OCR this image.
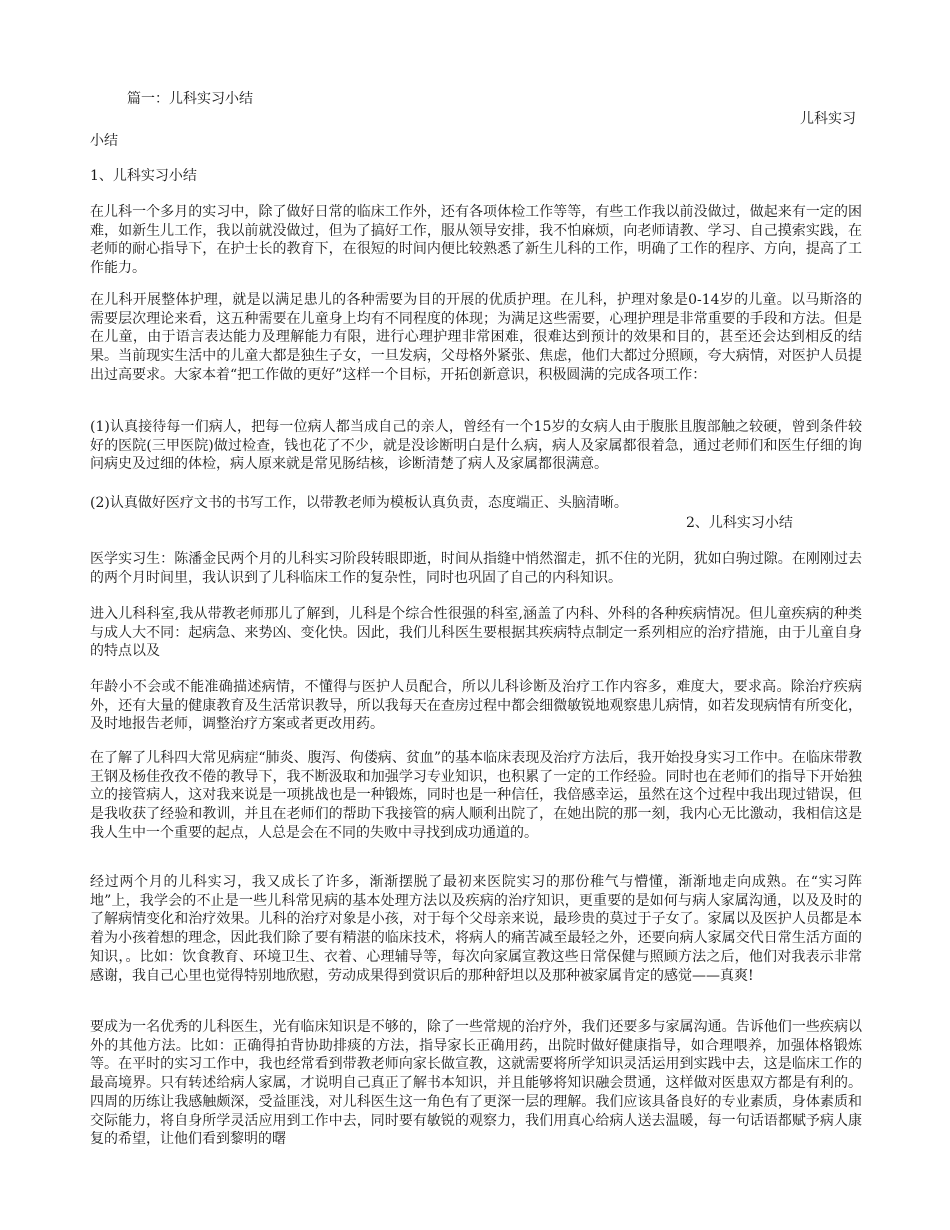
篇一：儿科实习小结
儿科实习
小结
1、儿科实习小结

在儿科一个多月的实习中，除了做好日常的临床工作外，还有各项体检工作等等，有些工作我以前没做过，做起来有一定的困难，如新生儿工作，我以前就没做过，但为了搞好工作，服从领导安排，我不怕麻烦，向老师请教、学习、自己摸索实践，在老师的耐心指导下，在护士长的教育下，在很短的时间内便比较熟悉了新生儿科的工作，明确了工作的程序、方向，提高了工作能力。

在儿科开展整体护理，就是以满足患儿的各种需要为目的开展的优质护理。在儿科，护理对象是0-14岁的儿童。以马斯洛的需要层次理论来看，这五种需要在儿童身上均有不同程度的体现；为满足这些需要，心理护理是非常重要的手段和方法。但是在儿童，由于语言表达能力及理解能力有限，进行心理护理非常困难，很难达到预计的效果和目的，甚至还会达到相反的结果。当前现实生活中的儿童大都是独生子女，一旦发病，父母格外紧张、焦虑，他们大都过分照顾，夸大病情，对医护人员提出过高要求。大家本着“把工作做的更好”这样一个目标，开拓创新意识，积极圆满的完成各项工作：

(1)认真接待每一们病人，把每一位病人都当成自己的亲人，曾经有一个15岁的女病人由于腹胀且腹部触之较硬，曾到条件较好的医院(三甲医院)做过检查，钱也花了不少，就是没诊断明白是什么病，病人及家属都很着急，通过老师们和医生仔细的询问病史及过细的体检，病人原来就是常见肠结核，诊断清楚了病人及家属都很满意。

(2)认真做好医疗文书的书写工作，以带教老师为模板认真负责，态度端正、头脑清晰。

2、儿科实习小结

医学实习生：陈潘金民两个月的儿科实习阶段转眼即逝，时间从指缝中悄然溜走，抓不住的光阴，犹如白驹过隙。在刚刚过去的两个月时间里，我认识到了儿科临床工作的复杂性，同时也巩固了自己的内科知识。

进入儿科科室,我从带教老师那儿了解到，儿科是个综合性很强的科室,涵盖了内科、外科的各种疾病情况。但儿童疾病的种类与成人大不同：起病急、来势凶、变化快。因此，我们儿科医生要根据其疾病特点制定一系列相应的治疗措施，由于儿童自身的特点以及

年龄小不会或不能准确描述病情，不懂得与医护人员配合，所以儿科诊断及治疗工作内容多，难度大，要求高。除治疗疾病外，还有大量的健康教育及生活常识教导，所以我每天在查房过程中都会细微敏锐地观察患儿病情，如若发现病情有所变化，及时地报告老师，调整治疗方案或者更改用药。

在了解了儿科四大常见病症“肺炎、腹泻、佝偻病、贫血”的基本临床表现及治疗方法后，我开始投身实习工作中。在临床带教王钢及杨佳孜孜不倦的教导下，我不断汲取和加强学习专业知识，也积累了一定的工作经验。同时也在老师们的指导下开始独立的接管病人，这对我来说是一项挑战也是一种锻炼，同时也是一种信任，我倍感幸运，虽然在这个过程中我出现过错误，但是我收获了经验和教训，并且在老师们的帮助下我接管的病人顺利出院了，在她出院的那一刻，我内心无比激动，我相信这是我人生中一个重要的起点，人总是会在不同的失败中寻找到成功通道的。

经过两个月的儿科实习，我又成长了许多，渐渐摆脱了最初来医院实习的那份稚气与懵懂，渐渐地走向成熟。在“实习阵地”上，我学会的不止是一些儿科常见病的基本处理方法以及疾病的治疗知识，更重要的是如何与病人家属沟通，以及及时的了解病情变化和治疗效果。儿科的治疗对象是小孩，对于每个父母亲来说，最珍贵的莫过于子女了。家属以及医护人员都是本着为小孩着想的理念，因此我们除了要有精湛的临床技术，将病人的痛苦减至最轻之外，还要向病人家属交代日常生活方面的知识，。比如：饮食教育、环境卫生、衣着、心理辅导等，每次向家属宣教这些日常保健与照顾方法之后，他们对我表示非常感谢，我自己心里也觉得特别地欣慰，劳动成果得到赏识后的那种舒坦以及那种被家属肯定的感觉——真爽!

要成为一名优秀的儿科医生，光有临床知识是不够的，除了一些常规的治疗外，我们还要多与家属沟通。告诉他们一些疾病以外的其他方法。比如：正确得拍背协助排痰的方法，指导家长正确用药，出院时做好健康指导，如合理喂养，加强体格锻炼等。在平时的实习工作中，我也经常看到带教老师向家长做宣教，这就需要将所学知识灵活运用到实践中去，这是临床工作的最高境界。只有转述给病人家属，才说明自己真正了解书本知识，并且能够将知识融会贯通，这样做对医患双方都是有利的。四周的历练让我感触颇深，受益匪浅，对儿科医生这一角色有了更深一层的理解。我们应该具备良好的专业素质，身体素质和交际能力，将自身所学灵活应用到工作中去，同时要有敏锐的观察力，我们用真心给病人送去温暖，每一句话语都赋予病人康复的希望，让他们看到黎明的曙
